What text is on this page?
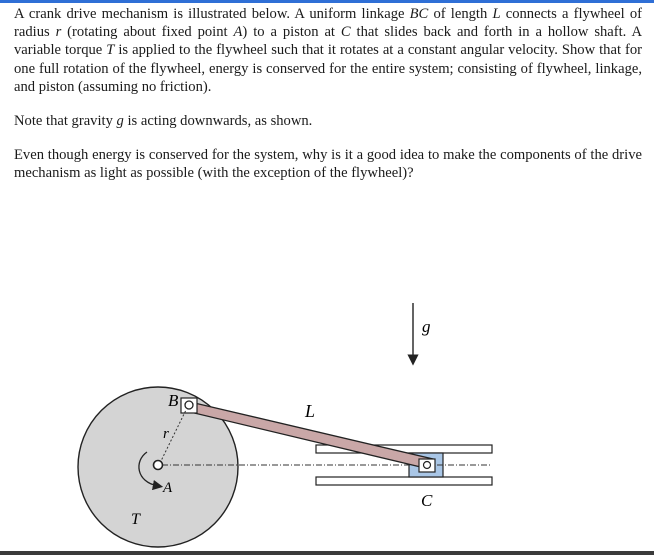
A crank drive mechanism is illustrated below. A uniform linkage BC of length L connects a flywheel of radius r (rotating about fixed point A) to a piston at C that slides back and forth in a hollow shaft. A variable torque T is applied to the flywheel such that it rotates at a constant angular velocity. Show that for one full rotation of the flywheel, energy is conserved for the entire system; consisting of flywheel, linkage, and piston (assuming no friction).

Note that gravity g is acting downwards, as shown.

Even though energy is conserved for the system, why is it a good idea to make the components of the drive mechanism as light as possible (with the exception of the flywheel)?

B
r
A
T
L
C
g
